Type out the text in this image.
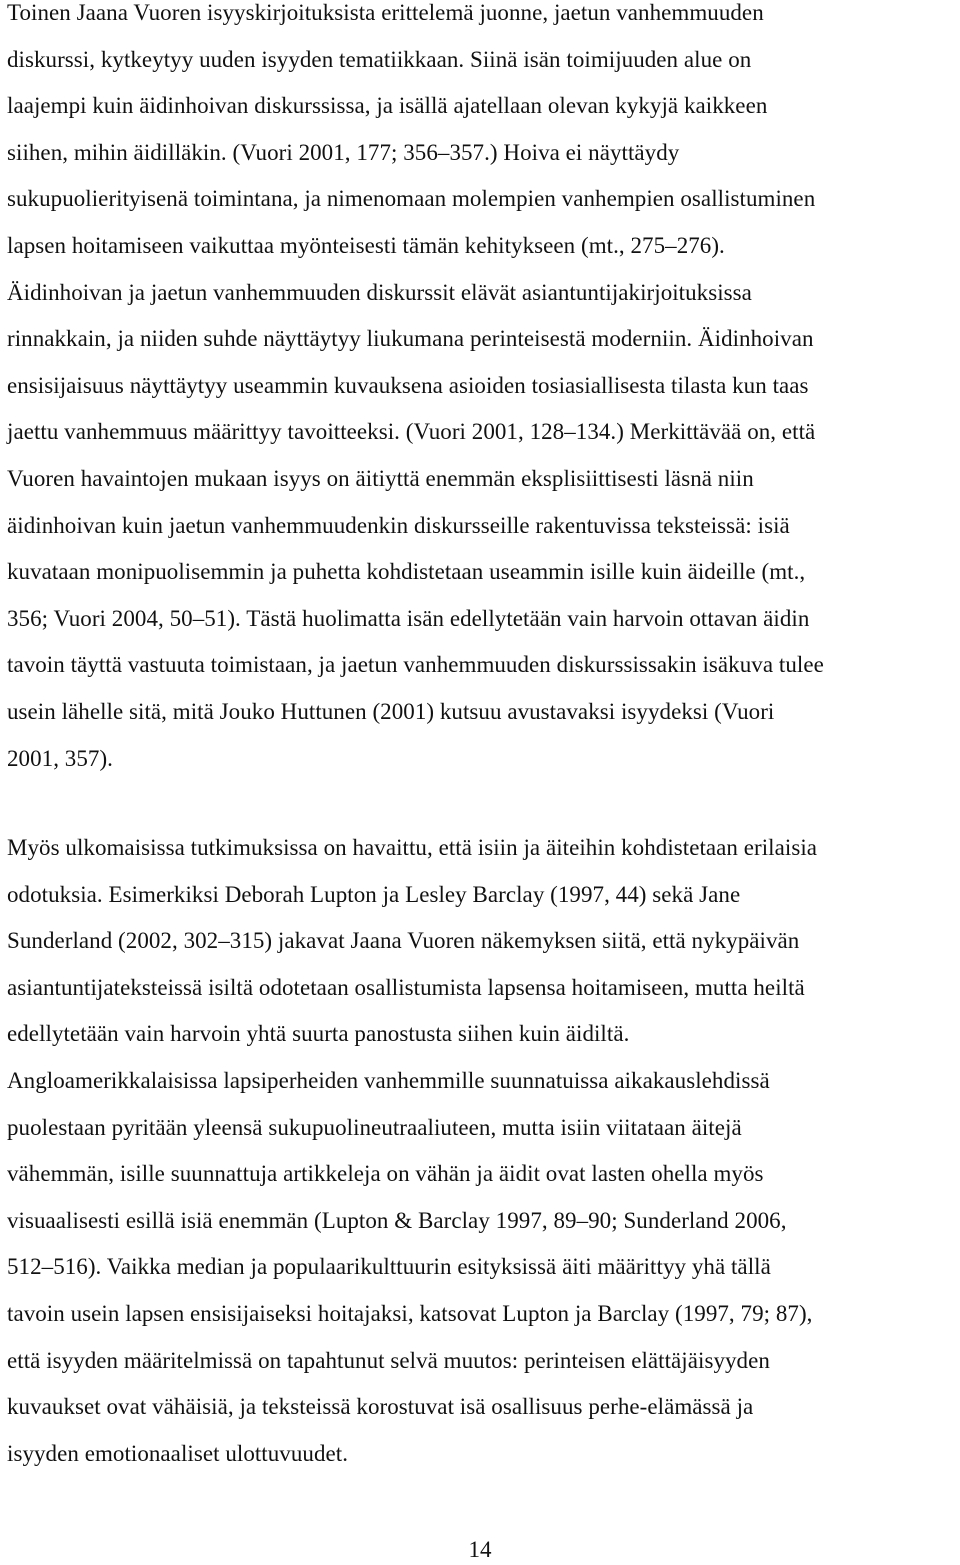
Toinen Jaana Vuoren isyyskirjoituksista erittelemä juonne, jaetun vanhemmuuden
diskurssi, kytkeytyy uuden isyyden tematiikkaan. Siinä isän toimijuuden alue on
laajempi kuin äidinhoivan diskurssissa, ja isällä ajatellaan olevan kykyjä kaikkeen
siihen, mihin äidilläkin. (Vuori 2001, 177; 356–357.) Hoiva ei näyttäydy
sukupuolierityisenä toimintana, ja nimenomaan molempien vanhempien osallistuminen
lapsen hoitamiseen vaikuttaa myönteisesti tämän kehitykseen (mt., 275–276).
Äidinhoivan ja jaetun vanhemmuuden diskurssit elävät asiantuntijakirjoituksissa
rinnakkain, ja niiden suhde näyttäytyy liukumana perinteisestä moderniin. Äidinhoivan
ensisijaisuus näyttäytyy useammin kuvauksena asioiden tosiasiallisesta tilasta kun taas
jaettu vanhemmuus määrittyy tavoitteeksi. (Vuori 2001, 128–134.) Merkittävää on, että
Vuoren havaintojen mukaan isyys on äitiyttä enemmän eksplisiittisesti läsnä niin
äidinhoivan kuin jaetun vanhemmuudenkin diskursseille rakentuvissa teksteissä: isiä
kuvataan monipuolisemmin ja puhetta kohdistetaan useammin isille kuin äideille (mt.,
356; Vuori 2004, 50–51). Tästä huolimatta isän edellytetään vain harvoin ottavan äidin
tavoin täyttä vastuuta toimistaan, ja jaetun vanhemmuuden diskurssissakin isäkuva tulee
usein lähelle sitä, mitä Jouko Huttunen (2001) kutsuu avustavaksi isyydeksi (Vuori
2001, 357).
Myös ulkomaisissa tutkimuksissa on havaittu, että isiin ja äiteihin kohdistetaan erilaisia
odotuksia. Esimerkiksi Deborah Lupton ja Lesley Barclay (1997, 44) sekä Jane
Sunderland (2002, 302–315) jakavat Jaana Vuoren näkemyksen siitä, että nykypäivän
asiantuntijateksteissä isiltä odotetaan osallistumista lapsensa hoitamiseen, mutta heiltä
edellytetään vain harvoin yhtä suurta panostusta siihen kuin äidiltä.
Angloamerikkalaisissa lapsiperheiden vanhemmille suunnatuissa aikakauslehdissä
puolestaan pyritään yleensä sukupuolineutraaliuteen, mutta isiin viitataan äitejä
vähemmän, isille suunnattuja artikkeleja on vähän ja äidit ovat lasten ohella myös
visuaalisesti esillä isiä enemmän (Lupton & Barclay 1997, 89–90; Sunderland 2006,
512–516). Vaikka median ja populaarikulttuurin esityksissä äiti määrittyy yhä tällä
tavoin usein lapsen ensisijaiseksi hoitajaksi, katsovat Lupton ja Barclay (1997, 79; 87),
että isyyden määritelmissä on tapahtunut selvä muutos: perinteisen elättäjäisyyden
kuvaukset ovat vähäisiä, ja teksteissä korostuvat isä osallisuus perhe-elämässä ja
isyyden emotionaaliset ulottuvuudet.
14
